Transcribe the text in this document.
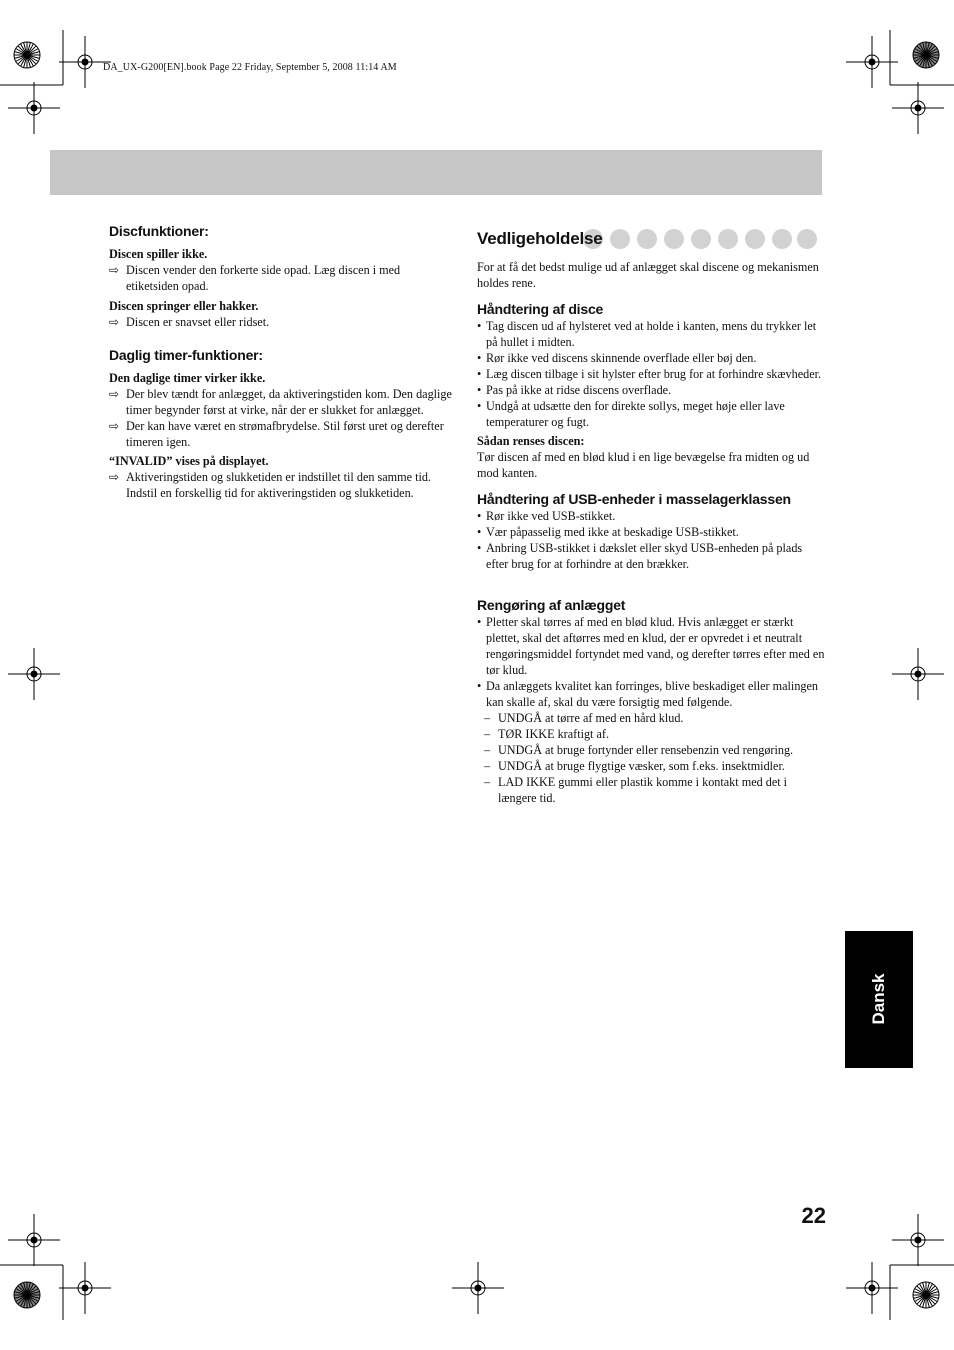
DA_UX-G200[EN].book Page 22 Friday, September 5, 2008 11:14 AM
Discfunktioner:
Discen spiller ikke.
⇨ Discen vender den forkerte side opad. Læg discen i med etiketsiden opad.
Discen springer eller hakker.
⇨ Discen er snavset eller ridset.
Daglig timer-funktioner:
Den daglige timer virker ikke.
⇨ Der blev tændt for anlægget, da aktiveringstiden kom. Den daglige timer begynder først at virke, når der er slukket for anlægget.
⇨ Der kan have været en strømafbrydelse. Stil først uret og derefter timeren igen.
“INVALID” vises på displayet.
⇨ Aktiveringstiden og slukketiden er indstillet til den samme tid. Indstil en forskellig tid for aktiveringstiden og slukketiden.
Vedligeholdelse
For at få det bedst mulige ud af anlægget skal discene og mekanismen holdes rene.
Håndtering af disce
• Tag discen ud af hylsteret ved at holde i kanten, mens du trykker let på hullet i midten.
• Rør ikke ved discens skinnende overflade eller bøj den.
• Læg discen tilbage i sit hylster efter brug for at forhindre skævheder.
• Pas på ikke at ridse discens overflade.
• Undgå at udsætte den for direkte sollys, meget høje eller lave temperaturer og fugt.
Sådan renses discen:
Tør discen af med en blød klud i en lige bevægelse fra midten og ud mod kanten.
Håndtering af USB-enheder i masselagerklassen
• Rør ikke ved USB-stikket.
• Vær påpasselig med ikke at beskadige USB-stikket.
• Anbring USB-stikket i dækslet eller skyd USB-enheden på plads efter brug for at forhindre at den brækker.
Rengøring af anlægget
• Pletter skal tørres af med en blød klud. Hvis anlægget er stærkt plettet, skal det aftørres med en klud, der er opvredet i et neutralt rengøringsmiddel fortyndet med vand, og derefter tørres efter med en tør klud.
• Da anlæggets kvalitet kan forringes, blive beskadiget eller malingen kan skalle af, skal du være forsigtig med følgende.
– UNDGÅ at tørre af med en hård klud.
– TØR IKKE kraftigt af.
– UNDGÅ at bruge fortynder eller rensebenzin ved rengøring.
– UNDGÅ at bruge flygtige væsker, som f.eks. insektmidler.
– LAD IKKE gummi eller plastik komme i kontakt med det i længere tid.
Dansk
22
